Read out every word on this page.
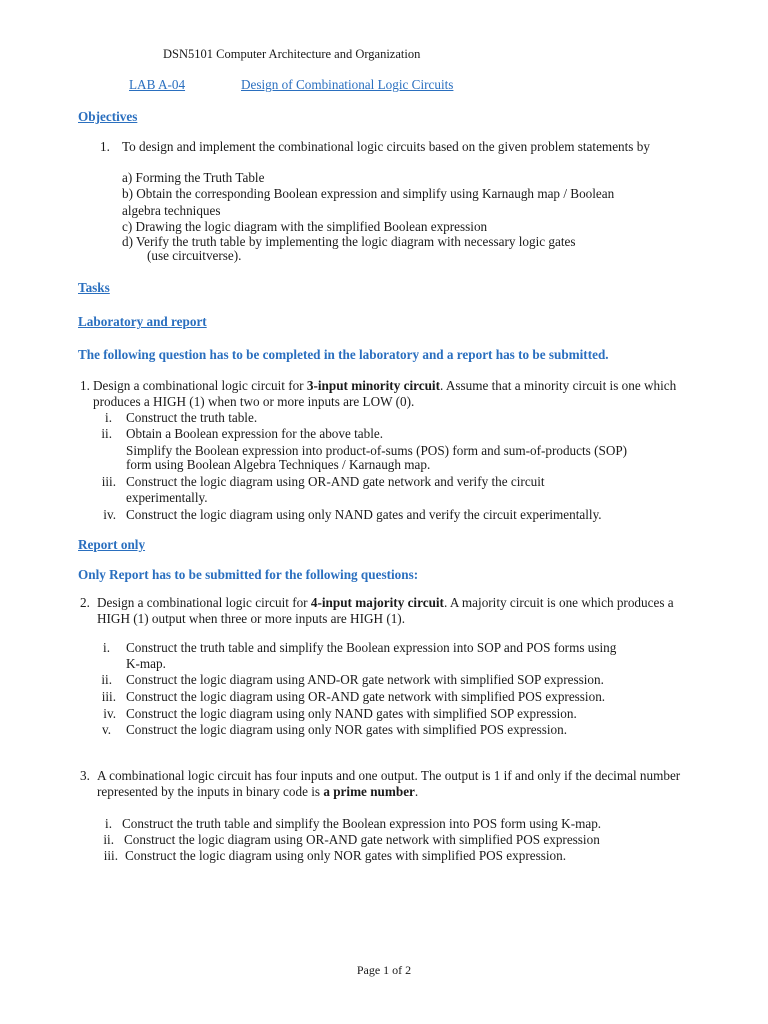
DSN5101 Computer Architecture and Organization
LAB A-04	Design of Combinational Logic Circuits
Objectives
1. To design and implement the combinational logic circuits based on the given problem statements by
a) Forming the Truth Table
b) Obtain the corresponding Boolean expression and simplify using Karnaugh map / Boolean
algebra techniques
c) Drawing the logic diagram with the simplified Boolean expression
d) Verify the truth table by implementing the logic diagram with necessary logic gates
(use circuitverse).
Tasks
Laboratory and report
The following question has to be completed in the laboratory and a report has to be submitted.
1. Design a combinational logic circuit for 3-input minority circuit. Assume that a minority circuit is one which
produces a HIGH (1) when two or more inputs are LOW (0).
i. Construct the truth table.
ii. Obtain a Boolean expression for the above table.
Simplify the Boolean expression into product-of-sums (POS) form and sum-of-products (SOP)
form using Boolean Algebra Techniques / Karnaugh map.
iii. Construct the logic diagram using OR-AND gate network and verify the circuit
experimentally.
iv. Construct the logic diagram using only NAND gates and verify the circuit experimentally.
Report only
Only Report has to be submitted for the following questions:
2. Design a combinational logic circuit for 4-input majority circuit. A majority circuit is one which produces a
HIGH (1) output when three or more inputs are HIGH (1).
i. Construct the truth table and simplify the Boolean expression into SOP and POS forms using
K-map.
ii. Construct the logic diagram using AND-OR gate network with simplified SOP expression.
iii. Construct the logic diagram using OR-AND gate network with simplified POS expression.
iv. Construct the logic diagram using only NAND gates with simplified SOP expression.
v. Construct the logic diagram using only NOR gates with simplified POS expression.
3. A combinational logic circuit has four inputs and one output. The output is 1 if and only if the decimal number
represented by the inputs in binary code is a prime number.
i. Construct the truth table and simplify the Boolean expression into POS form using K-map.
ii. Construct the logic diagram using OR-AND gate network with simplified POS expression
iii. Construct the logic diagram using only NOR gates with simplified POS expression.
Page 1 of 2
